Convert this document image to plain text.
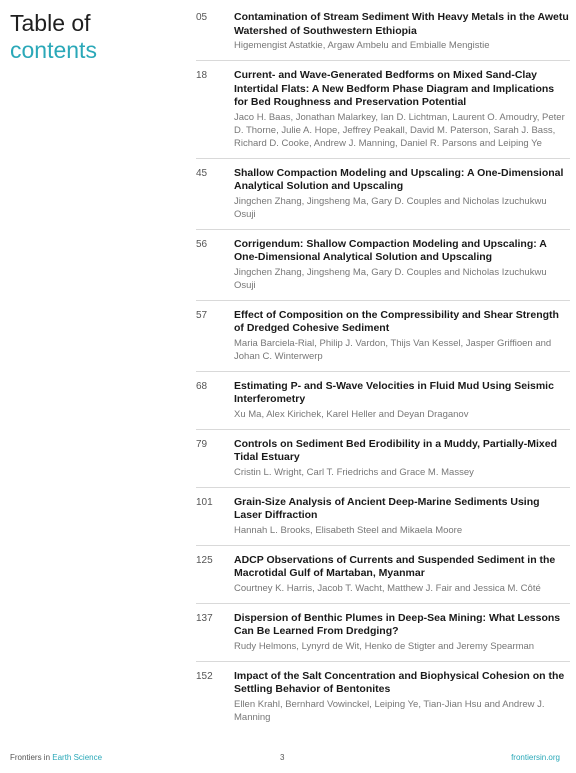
Table of
contents
05	Contamination of Stream Sediment With Heavy Metals in the Awetu Watershed of Southwestern Ethiopia
Higemengist Astatkie, Argaw Ambelu and Embialle Mengistie
18	Current- and Wave-Generated Bedforms on Mixed Sand-Clay Intertidal Flats: A New Bedform Phase Diagram and Implications for Bed Roughness and Preservation Potential
Jaco H. Baas, Jonathan Malarkey, Ian D. Lichtman, Laurent O. Amoudry, Peter D. Thorne, Julie A. Hope, Jeffrey Peakall, David M. Paterson, Sarah J. Bass, Richard D. Cooke, Andrew J. Manning, Daniel R. Parsons and Leiping Ye
45	Shallow Compaction Modeling and Upscaling: A One-Dimensional Analytical Solution and Upscaling
Jingchen Zhang, Jingsheng Ma, Gary D. Couples and Nicholas Izuchukwu Osuji
56	Corrigendum: Shallow Compaction Modeling and Upscaling: A One-Dimensional Analytical Solution and Upscaling
Jingchen Zhang, Jingsheng Ma, Gary D. Couples and Nicholas Izuchukwu Osuji
57	Effect of Composition on the Compressibility and Shear Strength of Dredged Cohesive Sediment
Maria Barciela-Rial, Philip J. Vardon, Thijs Van Kessel, Jasper Griffioen and Johan C. Winterwerp
68	Estimating P- and S-Wave Velocities in Fluid Mud Using Seismic Interferometry
Xu Ma, Alex Kirichek, Karel Heller and Deyan Draganov
79	Controls on Sediment Bed Erodibility in a Muddy, Partially-Mixed Tidal Estuary
Cristin L. Wright, Carl T. Friedrichs and Grace M. Massey
101	Grain-Size Analysis of Ancient Deep-Marine Sediments Using Laser Diffraction
Hannah L. Brooks, Elisabeth Steel and Mikaela Moore
125	ADCP Observations of Currents and Suspended Sediment in the Macrotidal Gulf of Martaban, Myanmar
Courtney K. Harris, Jacob T. Wacht, Matthew J. Fair and Jessica M. Côté
137	Dispersion of Benthic Plumes in Deep-Sea Mining: What Lessons Can Be Learned From Dredging?
Rudy Helmons, Lynyrd de Wit, Henko de Stigter and Jeremy Spearman
152	Impact of the Salt Concentration and Biophysical Cohesion on the Settling Behavior of Bentonites
Ellen Krahl, Bernhard Vowinckel, Leiping Ye, Tian-Jian Hsu and Andrew J. Manning
Frontiers in Earth Science	3	frontiersin.org
